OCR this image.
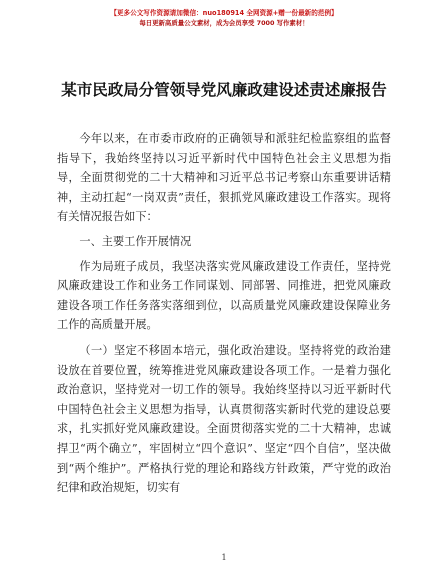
【更多公文写作资源请加微信：nuo180914 全网资源+赠一份最新的范例】
每日更新高质量公文素材，成为会员享受 7000 写作素材！
某市民政局分管领导党风廉政建设述责述廉报告

今年以来，在市委市政府的正确领导和派驻纪检监察组的监督指导下，我始终坚持以习近平新时代中国特色社会主义思想为指导，全面贯彻党的二十大精神和习近平总书记考察山东重要讲话精神，主动扛起“一岗双责”责任，狠抓党风廉政建设工作落实。现将有关情况报告如下：

一、主要工作开展情况

作为局班子成员，我坚决落实党风廉政建设工作责任，坚持党风廉政建设工作和业务工作同谋划、同部署、同推进，把党风廉政建设各项工作任务落实落细到位，以高质量党风廉政建设保障业务工作的高质量开展。

（一）坚定不移固本培元，强化政治建设。坚持将党的政治建设放在首要位置，统筹推进党风廉政建设各项工作。一是着力强化政治意识，坚持党对一切工作的领导。我始终坚持以习近平新时代中国特色社会主义思想为指导，认真贯彻落实新时代党的建设总要求，扎实抓好党风廉政建设。全面贯彻落实党的二十大精神，忠诚捍卫“两个确立”，牢固树立“四个意识”、坚定“四个自信”，坚决做到“两个维护”。严格执行党的理论和路线方针政策，严守党的政治纪律和政治规矩，切实有

1
